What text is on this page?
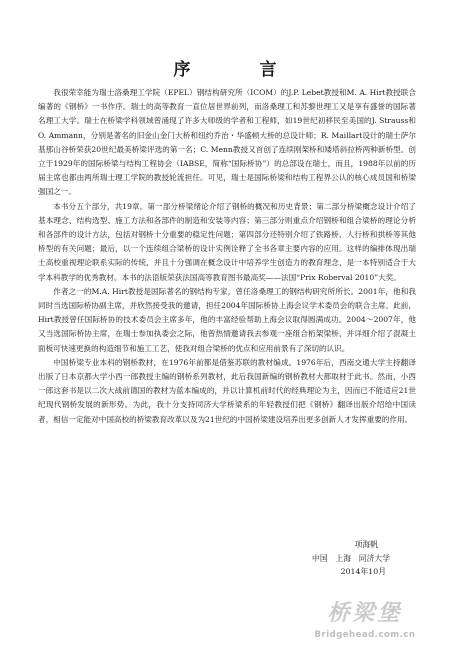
序　言

我很荣幸能为瑞士洛桑理工学院（EPEL）钢结构研究所（ICOM）的J.P. Lebet教授和M. A. Hirt教授联合编著的《钢桥》一书作序。瑞士的高等教育一直位居世界前列，而洛桑理工和苏黎世理工又是享有盛誉的国际著名理工大学。瑞士在桥梁学科领域曾涌现了许多大师级的学者和工程师，如19世纪初移民至美国的J. Strauss和O. Ammann，分别是著名的旧金山金门大桥和纽约乔治・华盛顿大桥的总设计师；R. Maillart设计的瑞士萨尔基那山谷桥荣获20世纪最美桥梁评选的第一名；C. Menn教授又首创了连续刚架桥和矮塔斜拉桥两种新桥型。创立于1929年的国际桥梁与结构工程协会（IABSE，简称“国际桥协”）的总部设在瑞士，而且，1988年以前的历届主席也都由两所瑞士理工学院的教授轮流担任。可见，瑞士是国际桥梁和结构工程界公认的核心成员国和桥梁强国之一。

本书分五个部分，共19章。第一部分桥梁绪论介绍了钢桥的概况和历史背景；第二部分桥梁概念设计介绍了基本理念、结构选型、施工方法和各部件的制造和安装等内容；第三部分则重点介绍钢桥和组合梁桥的理论分析和各部件的设计方法，包括对钢桥十分重要的稳定性问题；第四部分还特别介绍了铁路桥、人行桥和拱桥等其他桥型的有关问题；最后，以一个连续组合梁桥的设计实例诠释了全书各章主要内容的应用。这样的编排体现出瑞士高校重视理论联系实际的传统，并且十分强调在概念设计中培养学生创造力的教育理念，是一本特别适合于大学本科教学的优秀教材。本书的法语版荣获法国高等教育图书最高奖——法国“Prix Roberval 2010”大奖。

作者之一的M.A. Hirt教授是国际著名的钢结构专家，曾任洛桑理工的钢结构研究所所长。2001年，他和我同时当选国际桥协副主席，并欣然接受我的邀请，担任2004年国际桥协上海会议学术委员会的联合主席。此前，Hirt教授曾任国际桥协的技术委员会主席多年，他的丰富经验帮助上海会议取得圆满成功。2004～2007年，他又当选国际桥协主席，在瑞士参加执委会之际，他曾热情邀请我去参观一座组合桁架梁桥，并详细介绍了混凝土面板可快速更换的构造细节和施工工艺，使我对组合梁桥的优点和应用前景有了深切的认识。

中国桥梁专业本科的钢桥教材，在1976年前都是借鉴苏联的教材编成。1976年后，西南交通大学主持翻译出版了日本京都大学小西一郎教授主编的钢桥系列教材，此后我国新编的钢桥教材大都取材于此书。然而，小西一郎这套书是以二次大战前德国的教材为蓝本编成的，并以计算机前时代的经典理论为主，因而已不能适应21世纪现代钢桥发展的新形势。为此，我十分支持同济大学桥梁系的年轻教授们把《钢桥》翻译出版介绍给中国读者，相信一定能对中国高校的桥梁教育改革以及为21世纪的中国桥梁建设培养出更多创新人才发挥重要的作用。

项海帆
中国　上海　同济大学
2014年10月
桥梁堡
Bridgehead.com.cn
